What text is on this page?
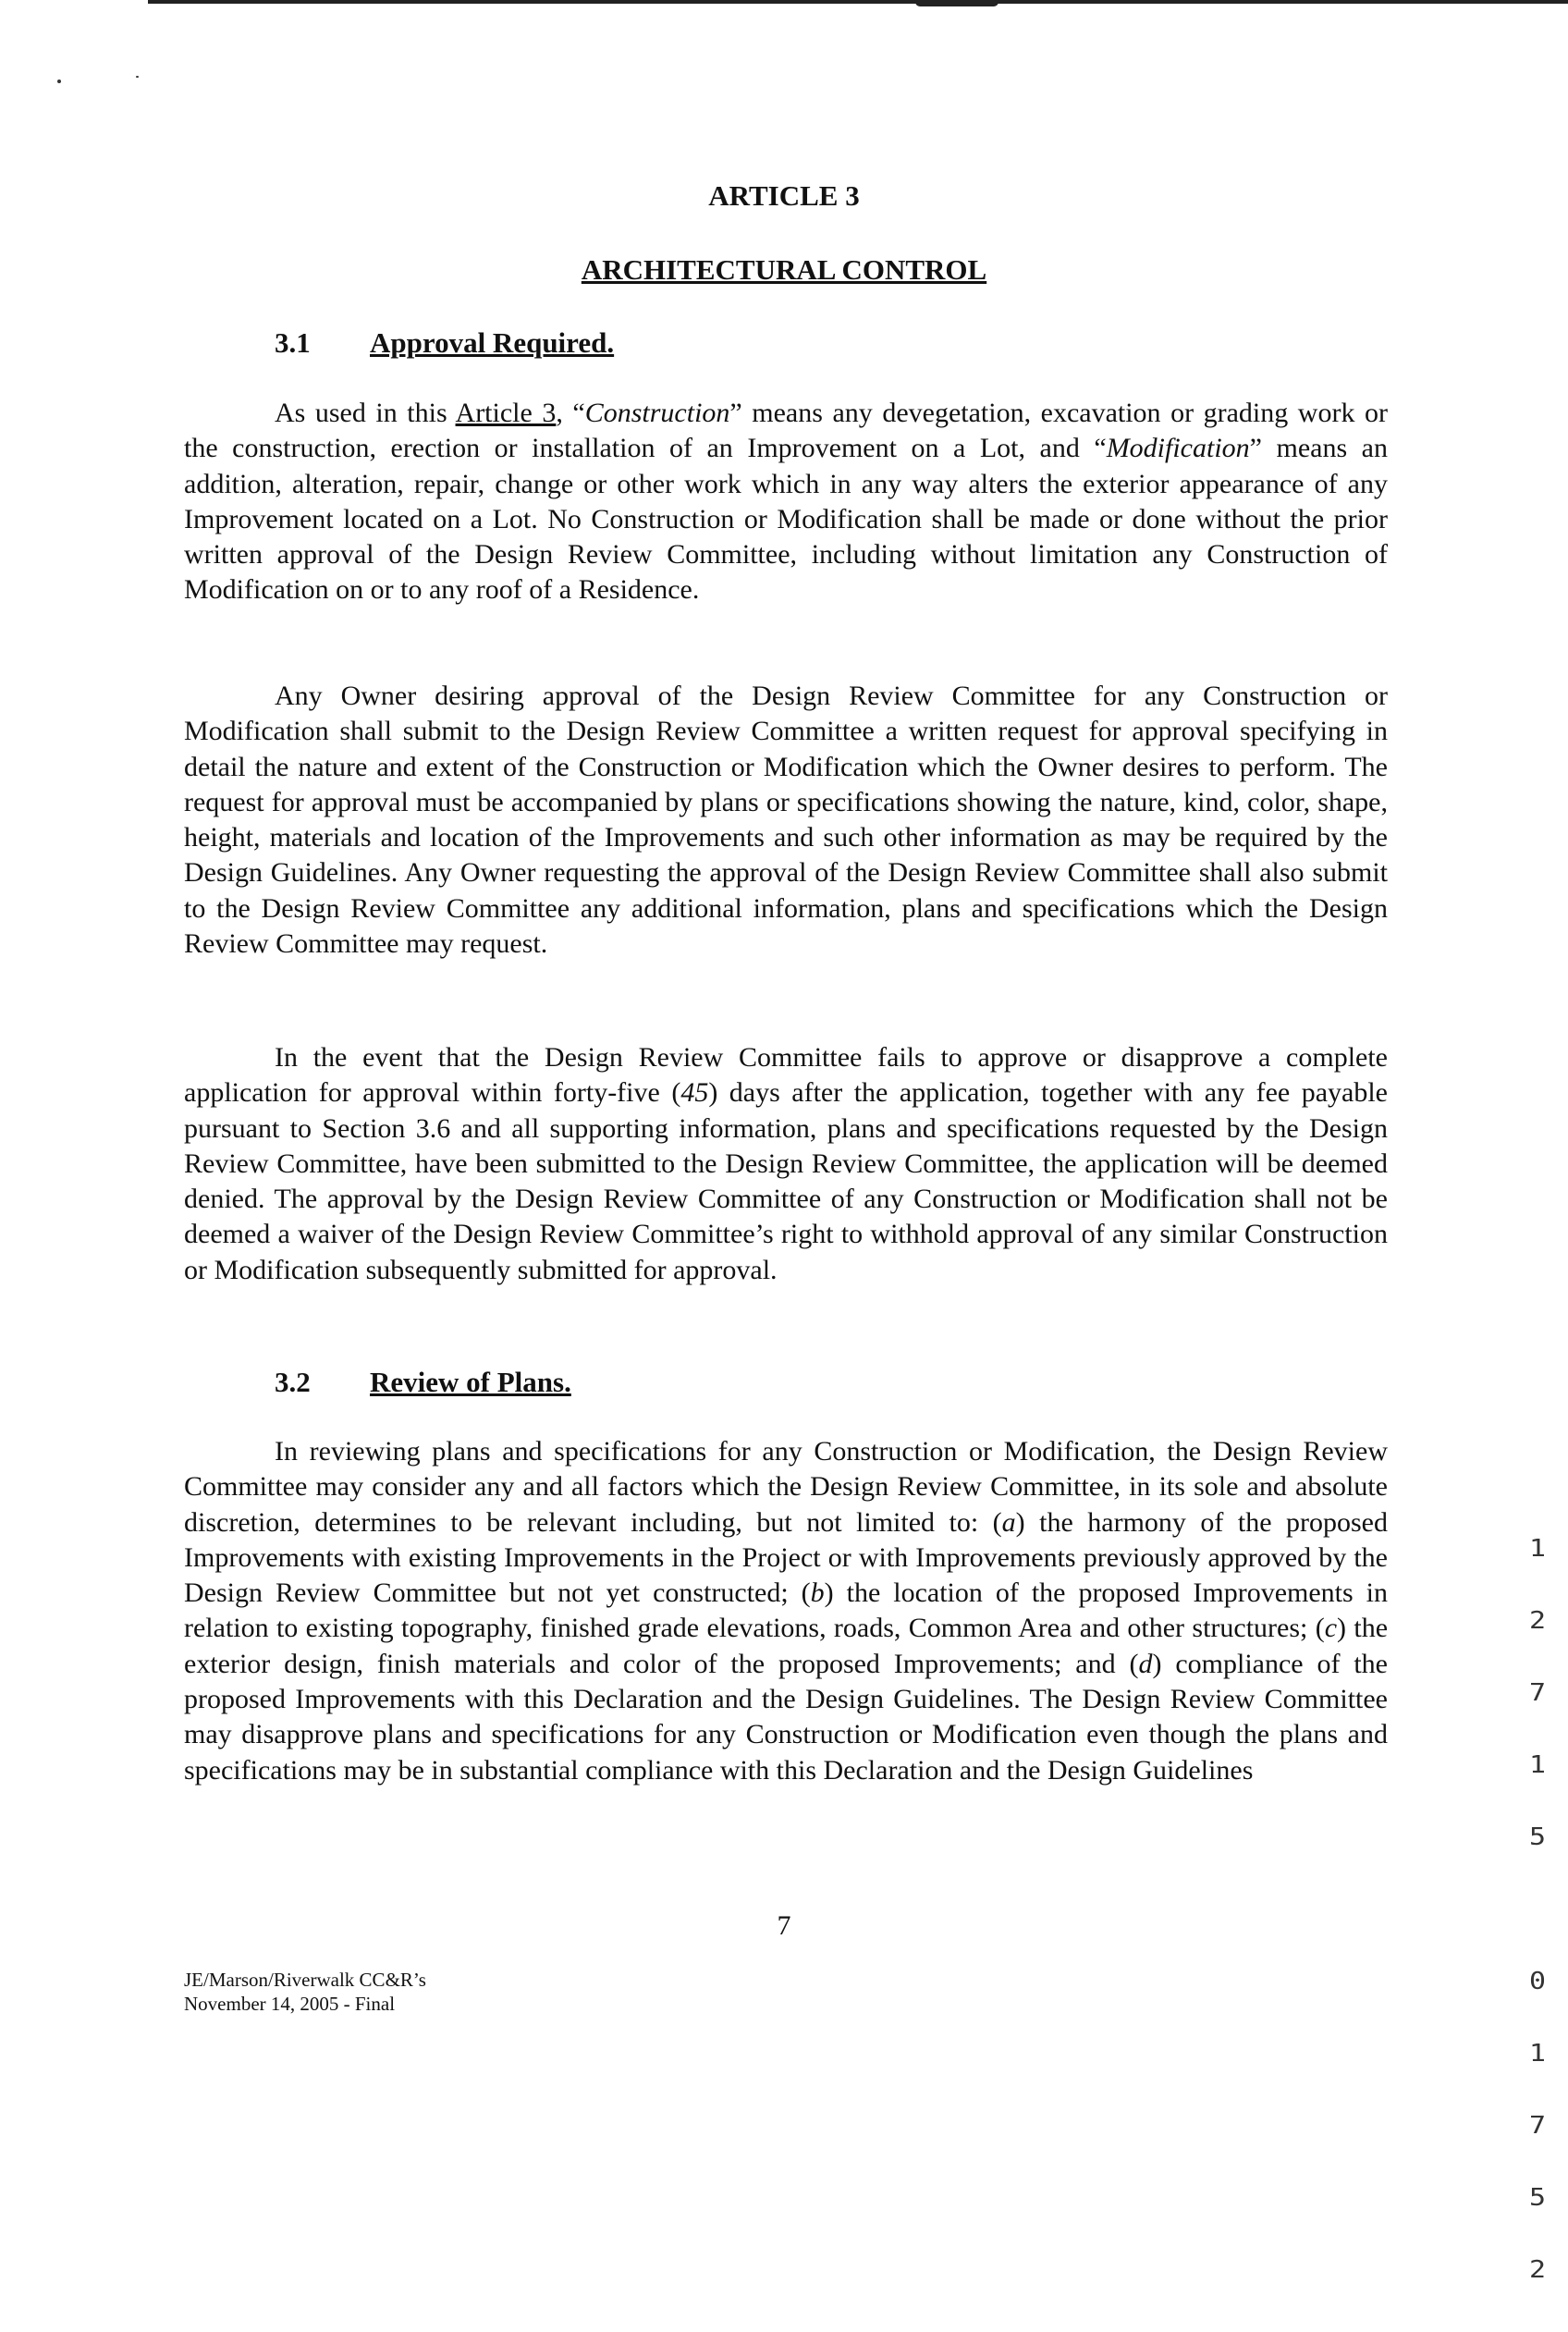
ARTICLE 3
ARCHITECTURAL CONTROL
3.1 Approval Required.

As used in this Article 3, “Construction” means any devegetation, excavation or grading work or the construction, erection or installation of an Improvement on a Lot, and “Modification” means an addition, alteration, repair, change or other work which in any way alters the exterior appearance of any Improvement located on a Lot. No Construction or Modification shall be made or done without the prior written approval of the Design Review Committee, including without limitation any Construction of Modification on or to any roof of a Residence.

Any Owner desiring approval of the Design Review Committee for any Construction or Modification shall submit to the Design Review Committee a written request for approval specifying in detail the nature and extent of the Construction or Modification which the Owner desires to perform. The request for approval must be accompanied by plans or specifications showing the nature, kind, color, shape, height, materials and location of the Improvements and such other information as may be required by the Design Guidelines. Any Owner requesting the approval of the Design Review Committee shall also submit to the Design Review Committee any additional information, plans and specifications which the Design Review Committee may request.

In the event that the Design Review Committee fails to approve or disapprove a complete application for approval within forty-five (45) days after the application, together with any fee payable pursuant to Section 3.6 and all supporting information, plans and specifications requested by the Design Review Committee, have been submitted to the Design Review Committee, the application will be deemed denied. The approval by the Design Review Committee of any Construction or Modification shall not be deemed a waiver of the Design Review Committee’s right to withhold approval of any similar Construction or Modification subsequently submitted for approval.

3.2 Review of Plans.

In reviewing plans and specifications for any Construction or Modification, the Design Review Committee may consider any and all factors which the Design Review Committee, in its sole and absolute discretion, determines to be relevant including, but not limited to: (a) the harmony of the proposed Improvements with existing Improvements in the Project or with Improvements previously approved by the Design Review Committee but not yet constructed; (b) the location of the proposed Improvements in relation to existing topography, finished grade elevations, roads, Common Area and other structures; (c) the exterior design, finish materials and color of the proposed Improvements; and (d) compliance of the proposed Improvements with this Declaration and the Design Guidelines. The Design Review Committee may disapprove plans and specifications for any Construction or Modification even though the plans and specifications may be in substantial compliance with this Declaration and the Design Guidelines

7
JE/Marson/Riverwalk CC&R’s
November 14, 2005 - Final

1

2

7

1

5

0

1

7

5

2
